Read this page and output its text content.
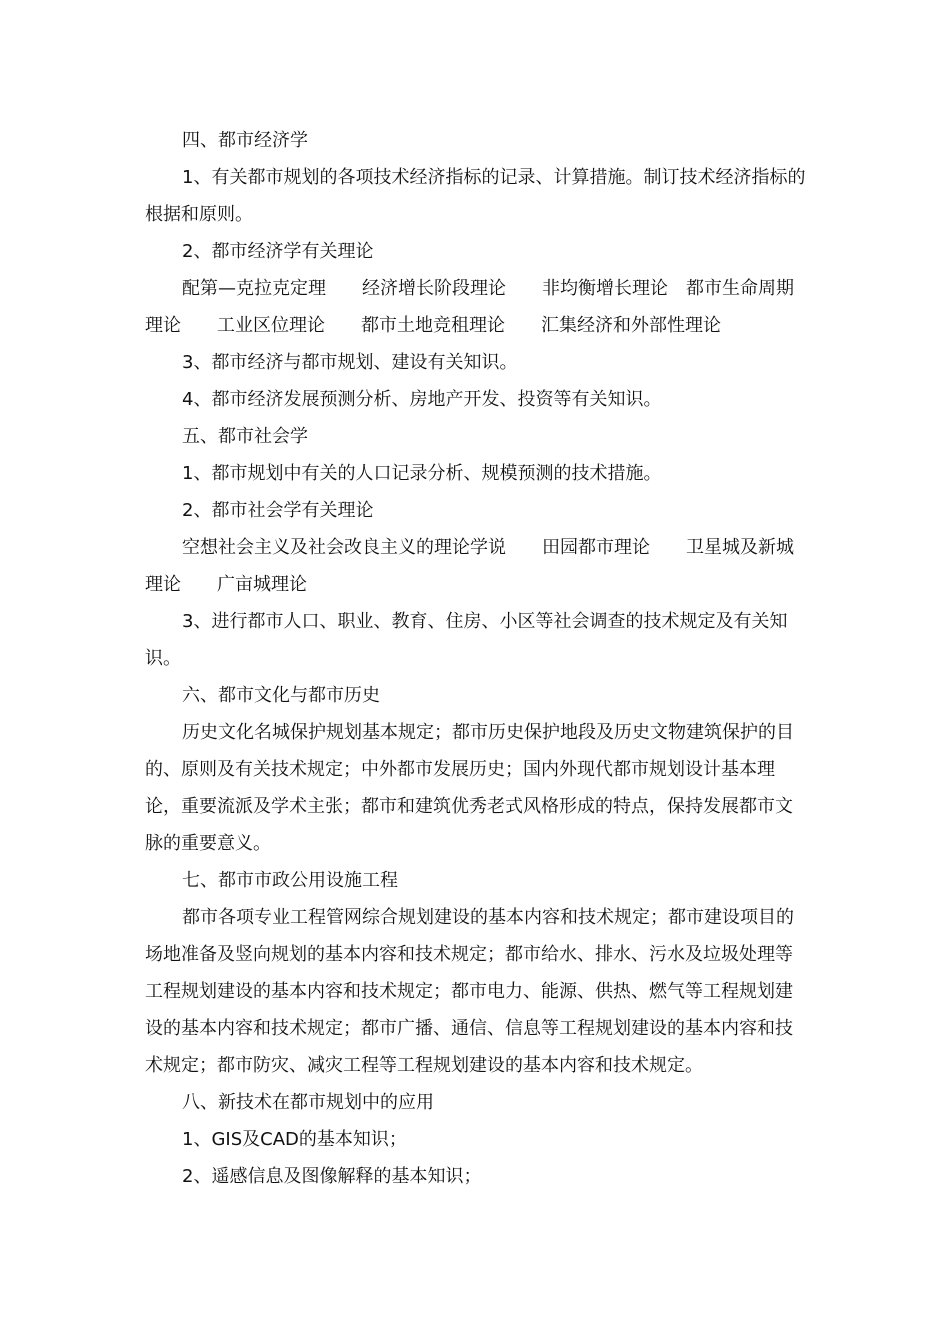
四、都市经济学

1、有关都市规划的各项技术经济指标的记录、计算措施。制订技术经济指标的根据和原则。

2、都市经济学有关理论

配第—克拉克定理　　经济增长阶段理论　　非均衡增长理论　都市生命周期理论　　工业区位理论　　都市土地竞租理论　　汇集经济和外部性理论

3、都市经济与都市规划、建设有关知识。

4、都市经济发展预测分析、房地产开发、投资等有关知识。

五、都市社会学

1、都市规划中有关的人口记录分析、规模预测的技术措施。

2、都市社会学有关理论

空想社会主义及社会改良主义的理论学说　　田园都市理论　　卫星城及新城理论　　广亩城理论

3、进行都市人口、职业、教育、住房、小区等社会调查的技术规定及有关知识。

六、都市文化与都市历史

历史文化名城保护规划基本规定；都市历史保护地段及历史文物建筑保护的目的、原则及有关技术规定；中外都市发展历史；国内外现代都市规划设计基本理论，重要流派及学术主张；都市和建筑优秀老式风格形成的特点，保持发展都市文脉的重要意义。

七、都市市政公用设施工程

都市各项专业工程管网综合规划建设的基本内容和技术规定；都市建设项目的场地准备及竖向规划的基本内容和技术规定；都市给水、排水、污水及垃圾处理等工程规划建设的基本内容和技术规定；都市电力、能源、供热、燃气等工程规划建设的基本内容和技术规定；都市广播、通信、信息等工程规划建设的基本内容和技术规定；都市防灾、减灾工程等工程规划建设的基本内容和技术规定。

八、新技术在都市规划中的应用

1、GIS及CAD的基本知识；

2、遥感信息及图像解释的基本知识；
